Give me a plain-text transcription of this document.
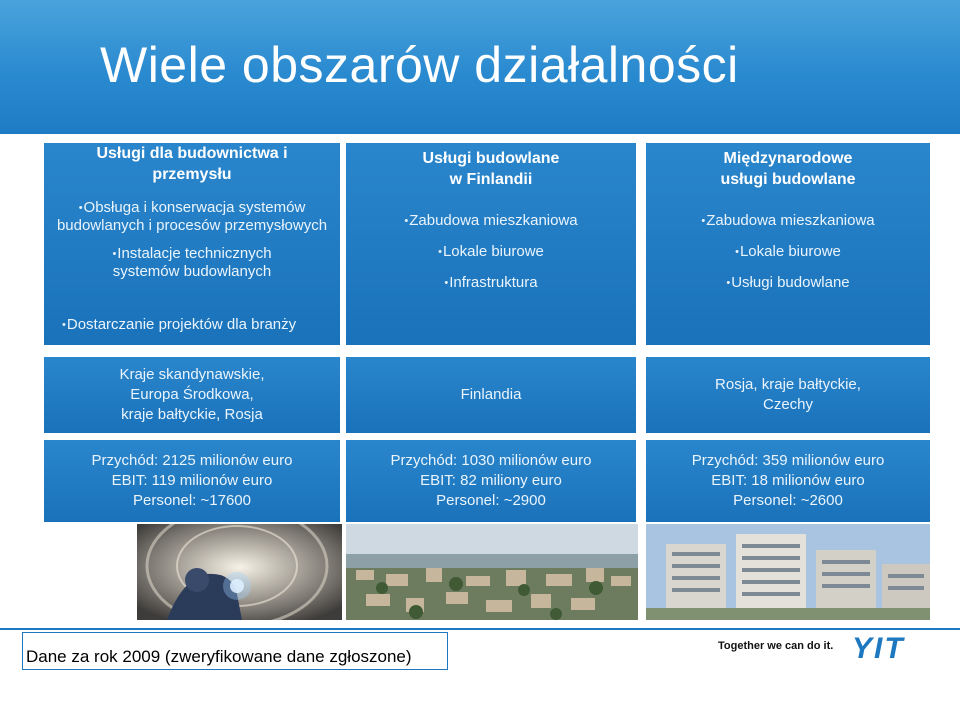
Wiele obszarów działalności
Usługi dla budownictwa i
przemysłu
• Obsługa i konserwacja systemów budowlanych i procesów przemysłowych
• Instalacje technicznych systemów budowlanych
• Dostarczanie projektów dla branży
Usługi budowlane
w Finlandii
• Zabudowa mieszkaniowa
• Lokale biurowe
• Infrastruktura
Międzynarodowe
usługi budowlane
• Zabudowa mieszkaniowa
• Lokale biurowe
• Usługi budowlane
Kraje skandynawskie,
Europa Środkowa,
kraje bałtyckie, Rosja
Finlandia
Rosja, kraje bałtyckie,
Czechy
Przychód: 2125 milionów euro
EBIT: 119 milionów euro
Personel: ~17600
Przychód: 1030 milionów euro
EBIT: 82 miliony euro
Personel: ~2900
Przychód: 359 milionów euro
EBIT: 18 milionów euro
Personel: ~2600
Dane za rok 2009 (zweryfikowane dane zgłoszone)
Together we can do it. YIT
